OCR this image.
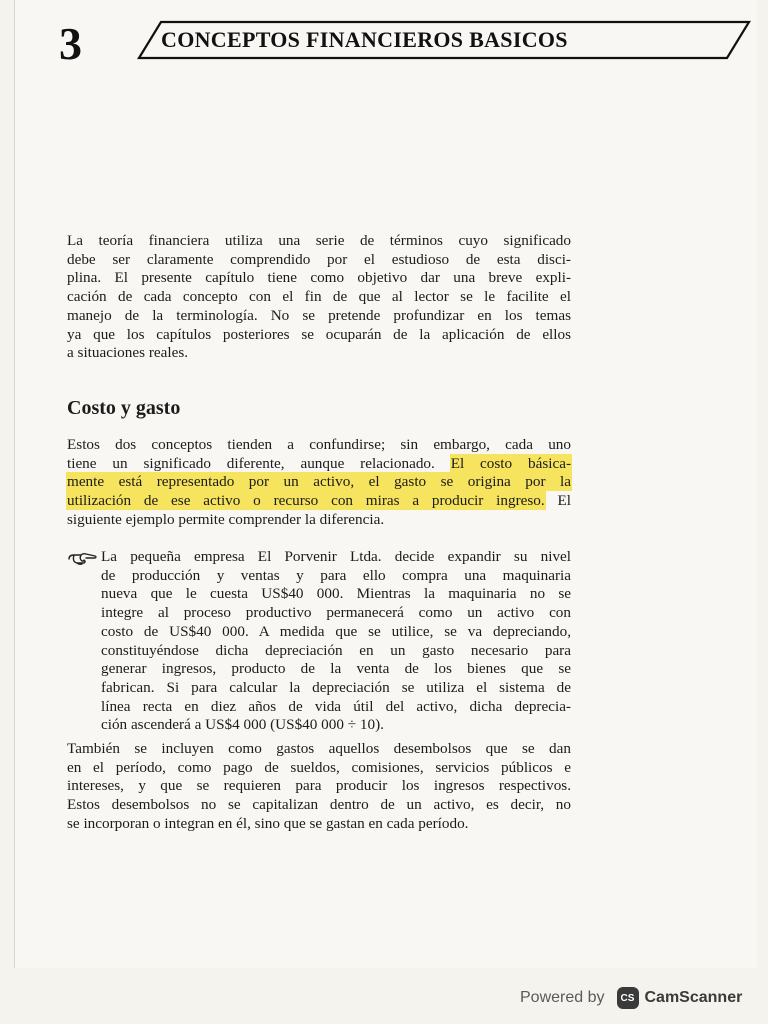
3	CONCEPTOS FINANCIEROS BASICOS
La teoría financiera utiliza una serie de términos cuyo significado
debe ser claramente comprendido por el estudioso de esta disci-
plina. El presente capítulo tiene como objetivo dar una breve expli-
cación de cada concepto con el fin de que al lector se le facilite el
manejo de la terminología. No se pretende profundizar en los temas
ya que los capítulos posteriores se ocuparán de la aplicación de ellos
a situaciones reales.
Costo y gasto
Estos dos conceptos tienden a confundirse; sin embargo, cada uno
tiene un significado diferente, aunque relacionado. El costo básica-
mente está representado por un activo, el gasto se origina por la
utilización de ese activo o recurso con miras a producir ingreso. El
siguiente ejemplo permite comprender la diferencia.
La pequeña empresa El Porvenir Ltda. decide expandir su nivel
de producción y ventas y para ello compra una maquinaria
nueva que le cuesta US$40 000. Mientras la maquinaria no se
integre al proceso productivo permanecerá como un activo con
costo de US$40 000. A medida que se utilice, se va depreciando,
constituyéndose dicha depreciación en un gasto necesario para
generar ingresos, producto de la venta de los bienes que se
fabrican. Si para calcular la depreciación se utiliza el sistema de
línea recta en diez años de vida útil del activo, dicha deprecia-
ción ascenderá a US$4 000 (US$40 000 ÷ 10).
También se incluyen como gastos aquellos desembolsos que se dan
en el período, como pago de sueldos, comisiones, servicios públicos e
intereses, y que se requieren para producir los ingresos respectivos.
Estos desembolsos no se capitalizan dentro de un activo, es decir, no
se incorporan o integran en él, sino que se gastan en cada período.
Powered by	CS CamScanner
